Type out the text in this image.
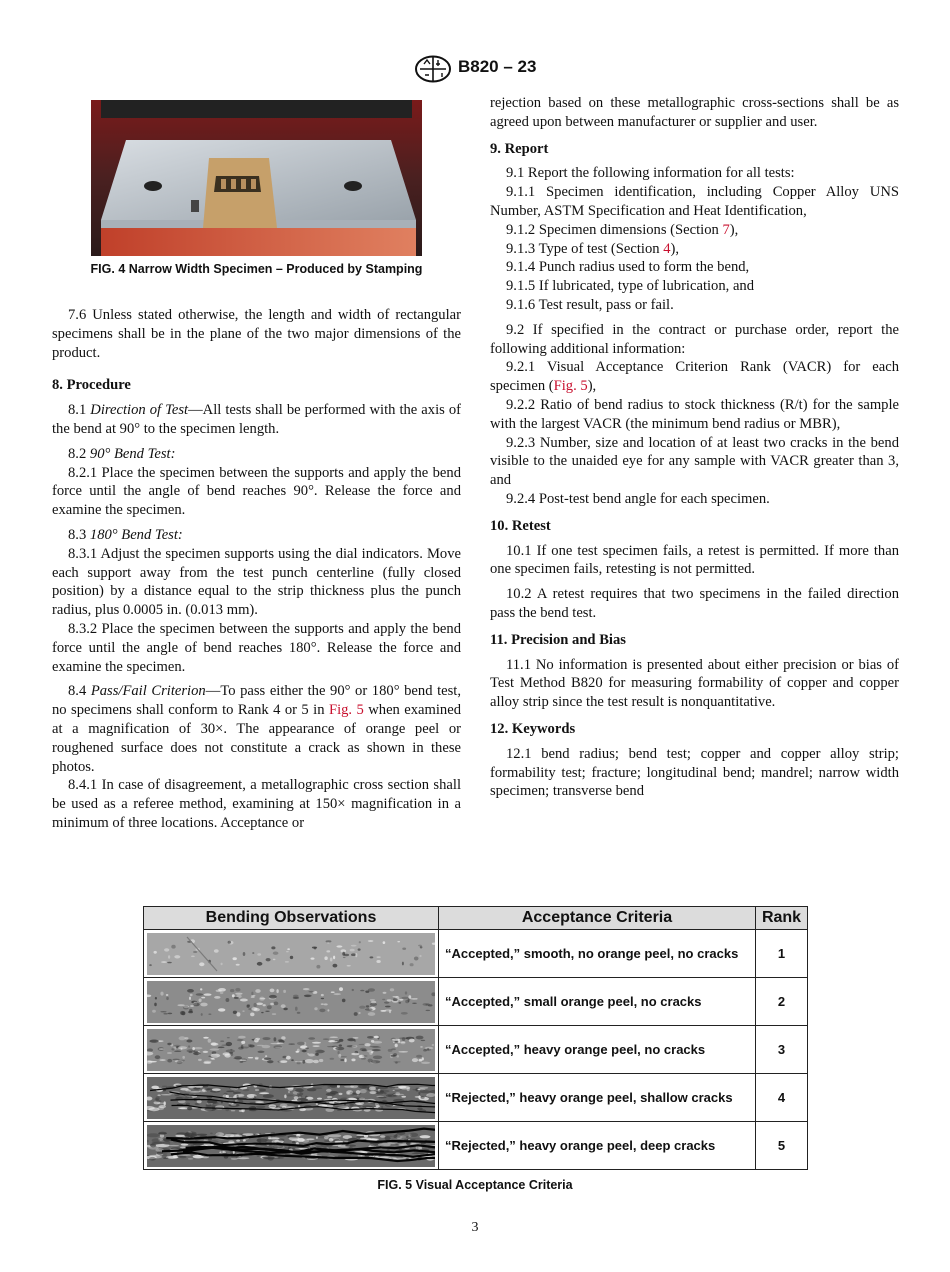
B820 – 23
FIG. 4 Narrow Width Specimen – Produced by Stamping

7.6 Unless stated otherwise, the length and width of rectangular specimens shall be in the plane of the two major dimensions of the product.

8. Procedure

8.1 Direction of Test—All tests shall be performed with the axis of the bend at 90° to the specimen length.

8.2 90° Bend Test:

8.2.1 Place the specimen between the supports and apply the bend force until the angle of bend reaches 90°. Release the force and examine the specimen.

8.3 180° Bend Test:

8.3.1 Adjust the specimen supports using the dial indicators. Move each support away from the test punch centerline (fully closed position) by a distance equal to the strip thickness plus the punch radius, plus 0.0005 in. (0.013 mm).

8.3.2 Place the specimen between the supports and apply the bend force until the angle of bend reaches 180°. Release the force and examine the specimen.

8.4 Pass/Fail Criterion—To pass either the 90° or 180° bend test, no specimens shall conform to Rank 4 or 5 in Fig. 5 when examined at a magnification of 30×. The appearance of orange peel or roughened surface does not constitute a crack as shown in these photos.

8.4.1 In case of disagreement, a metallographic cross section shall be used as a referee method, examining at 150× magnification in a minimum of three locations. Acceptance or

rejection based on these metallographic cross-sections shall be as agreed upon between manufacturer or supplier and user.

9. Report

9.1 Report the following information for all tests:

9.1.1 Specimen identification, including Copper Alloy UNS Number, ASTM Specification and Heat Identification,

9.1.2 Specimen dimensions (Section 7),

9.1.3 Type of test (Section 4),

9.1.4 Punch radius used to form the bend,

9.1.5 If lubricated, type of lubrication, and

9.1.6 Test result, pass or fail.

9.2 If specified in the contract or purchase order, report the following additional information:

9.2.1 Visual Acceptance Criterion Rank (VACR) for each specimen (Fig. 5),

9.2.2 Ratio of bend radius to stock thickness (R/t) for the sample with the largest VACR (the minimum bend radius or MBR),

9.2.3 Number, size and location of at least two cracks in the bend visible to the unaided eye for any sample with VACR greater than 3, and

9.2.4 Post-test bend angle for each specimen.

10. Retest

10.1 If one test specimen fails, a retest is permitted. If more than one specimen fails, retesting is not permitted.

10.2 A retest requires that two specimens in the failed direction pass the bend test.

11. Precision and Bias

11.1 No information is presented about either precision or bias of Test Method B820 for measuring formability of copper and copper alloy strip since the test result is nonquantitative.

12. Keywords

12.1 bend radius; bend test; copper and copper alloy strip; formability test; fracture; longitudinal bend; mandrel; narrow width specimen; transverse bend

Bending Observations	Acceptance Criteria	Rank

	“Accepted,” smooth, no orange peel, no cracks	1

	“Accepted,” small orange peel, no cracks	2

	“Accepted,” heavy orange peel, no cracks	3

	“Rejected,” heavy orange peel, shallow cracks	4

	“Rejected,” heavy orange peel, deep cracks	5
FIG. 5 Visual Acceptance Criteria
3
